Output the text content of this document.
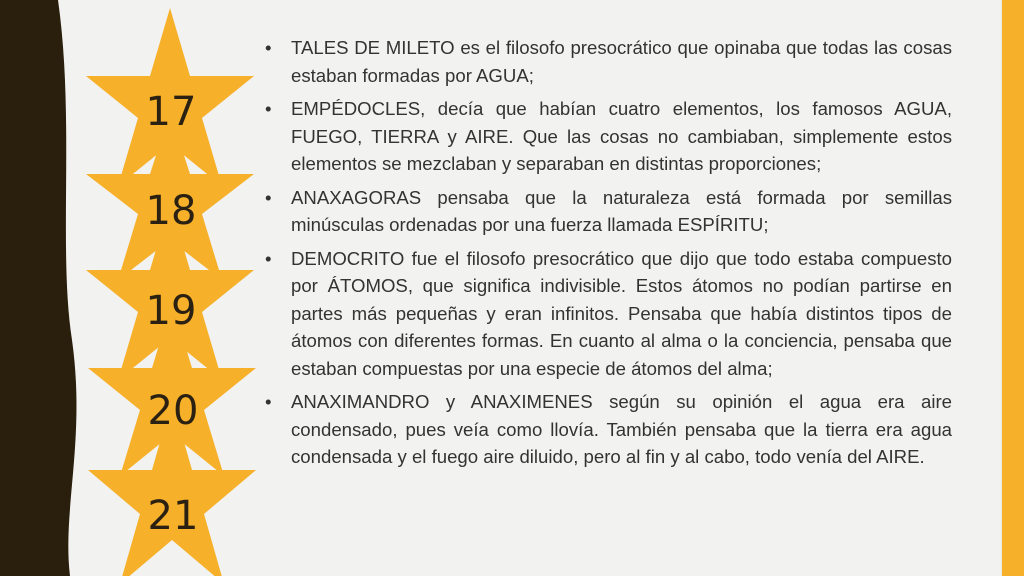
17
18
19
20
21
• TALES DE MILETO es el filosofo presocrático que opinaba que todas las cosas estaban formadas por AGUA;
• EMPÉDOCLES, decía que habían cuatro elementos, los famosos AGUA, FUEGO, TIERRA y AIRE. Que las cosas no cambiaban, simplemente estos elementos se mezclaban y separaban en distintas proporciones;
• ANAXAGORAS pensaba que la naturaleza está formada por semillas minúsculas ordenadas por una fuerza llamada ESPÍRITU;
• DEMOCRITO fue el filosofo presocrático que dijo que todo estaba compuesto por ÁTOMOS, que significa indivisible. Estos átomos no podían partirse en partes más pequeñas y eran infinitos. Pensaba que había distintos tipos de átomos con diferentes formas. En cuanto al alma o la conciencia, pensaba que estaban compuestas por una especie de átomos del alma;
• ANAXIMANDRO y ANAXIMENES según su opinión el agua era aire condensado, pues veía como llovía. También pensaba que la tierra era agua condensada y el fuego aire diluido, pero al fin y al cabo, todo venía del AIRE.
